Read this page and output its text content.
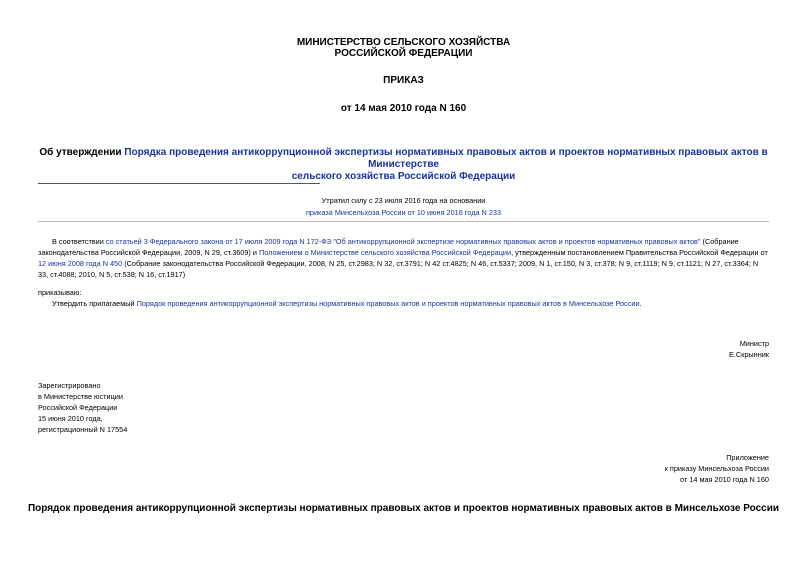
МИНИСТЕРСТВО СЕЛЬСКОГО ХОЗЯЙСТВА
РОССИЙСКОЙ ФЕДЕРАЦИИ
ПРИКАЗ
от 14 мая 2010 года N 160
Об утверждении Порядка проведения антикоррупционной экспертизы нормативных правовых актов и проектов нормативных правовых актов в Министерстве
сельского хозяйства Российской Федерации
Утратил силу с 23 июля 2016 года на основании
приказа Минсельхоза России от 10 июня 2016 года N 233
В соответствии со статьей 3 Федерального закона от 17 июля 2009 года N 172-ФЗ "Об антикоррупционной экспертизе нормативных правовых актов и проектов нормативных правовых актов" (Собрание
законодательства Российской Федерации, 2009, N 29, ст.3609) и Положением о Министерстве сельского хозяйства Российской Федерации, утвержденным постановлением Правительства Российской Федерации от
12 июня 2008 года N 450 (Собрание законодательства Российской Федерации, 2008, N 25, ст.2983; N 32, ст.3791; N 42 ст.4825; N 46, ст.5337; 2009, N 1, ст.150, N 3, ст.378; N 9, ст.1119; N 9, ст.1121; N 27, ст.3364; N
33, ст.4088; 2010, N 5, ст.538; N 16, ст.1917)
приказываю:
Утвердить прилагаемый Порядок проведения антикоррупционной экспертизы нормативных правовых актов и проектов нормативных правовых актов в Минсельхозе России.
Министр
Е.Скрынник
Зарегистрировано
в Министерстве юстиции
Российской Федерации
15 июня 2010 года,
регистрационный N 17554
Приложение
к приказу Минсельхоза России
от 14 мая 2010 года N 160
Порядок проведения антикоррупционной экспертизы нормативных правовых актов и проектов нормативных правовых актов в Минсельхозе России
